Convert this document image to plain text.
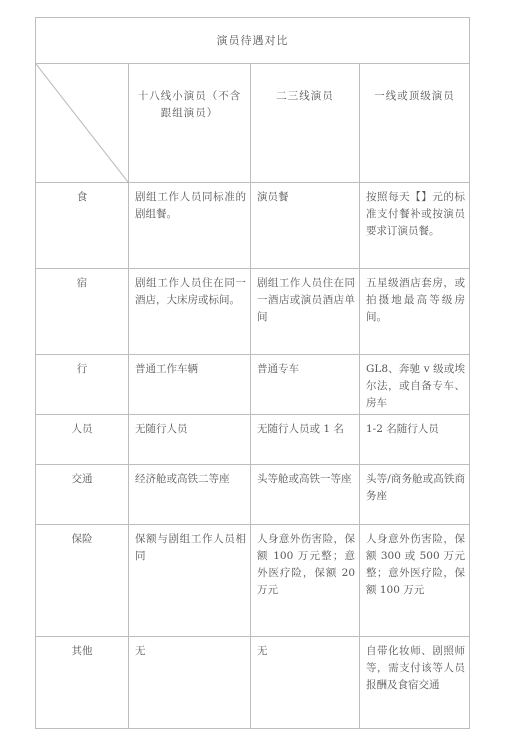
演员待遇对比			

	十八线小演员（不含跟组演员）	二三线演员	一线或顶级演员
食	剧组工作人员同标准的剧组餐。	演员餐	按照每天【】元的标准支付餐补或按演员要求订演员餐。
宿	剧组工作人员住在同一酒店，大床房或标间。	剧组工作人员住在同一酒店或演员酒店单间	五星级酒店套房，或拍摄地最高等级房间。
行	普通工作车辆	普通专车	GL8、奔驰 v 级或埃尔法，或自备专车、房车
人员	无随行人员	无随行人员或 1 名	1-2 名随行人员
交通	经济舱或高铁二等座	头等舱或高铁一等座	头等/商务舱或高铁商务座
保险	保额与剧组工作人员相同	人身意外伤害险，保额 100 万元整；意外医疗险，保额 20 万元	人身意外伤害险，保额 300 或 500 万元整；意外医疗险，保额 100 万元
其他	无	无	自带化妆师、剧照师等，需支付该等人员报酬及食宿交通
